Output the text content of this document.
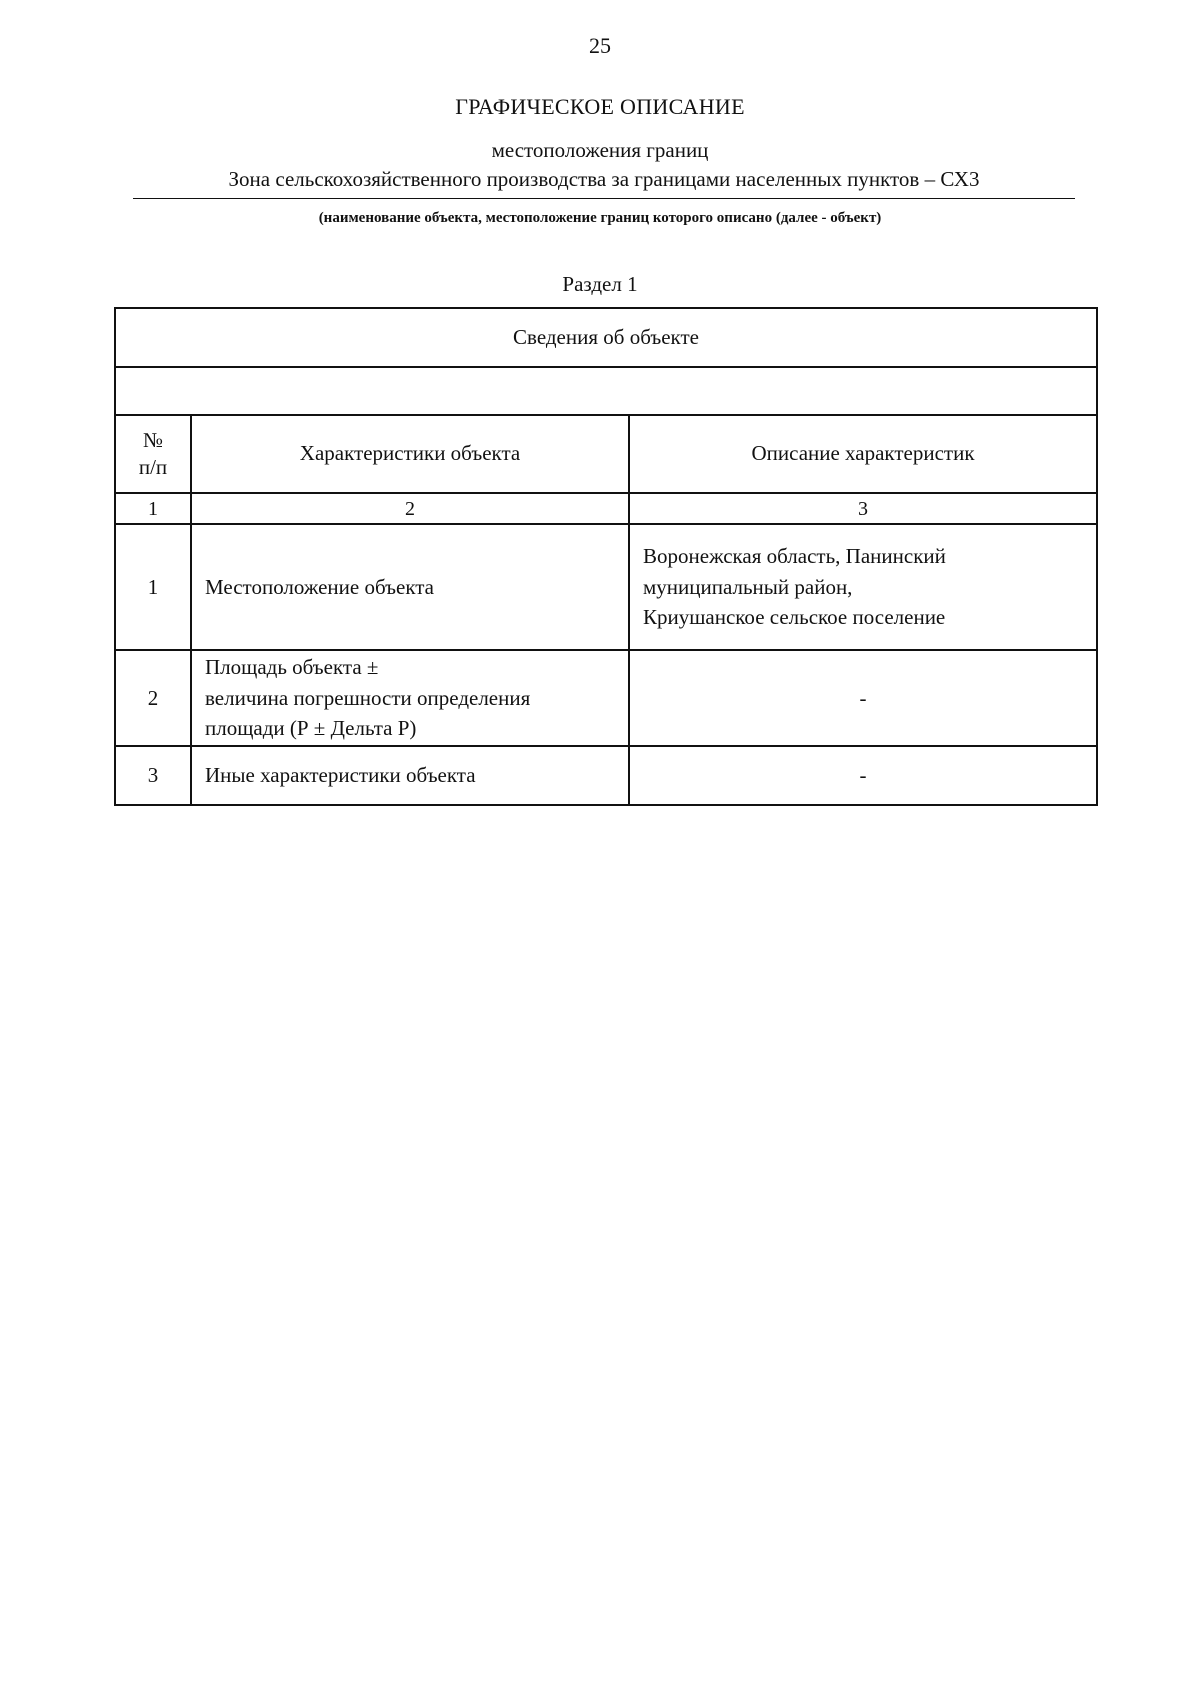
25
ГРАФИЧЕСКОЕ ОПИСАНИЕ
местоположения границ
Зона сельскохозяйственного производства за границами населенных пунктов – СХ3
(наименование объекта, местоположение границ которого описано (далее - объект)
Раздел 1
Сведения об объекте		

№
п/п	Характеристики объекта	Описание характеристик
1	2	3
1	Местоположение объекта	Воронежская область, Панинский
муниципальный район,
Криушанское сельское поселение
2	Площадь объекта ±
величина погрешности определения
площади (Р ± Дельта Р)	-
3	Иные характеристики объекта	-
